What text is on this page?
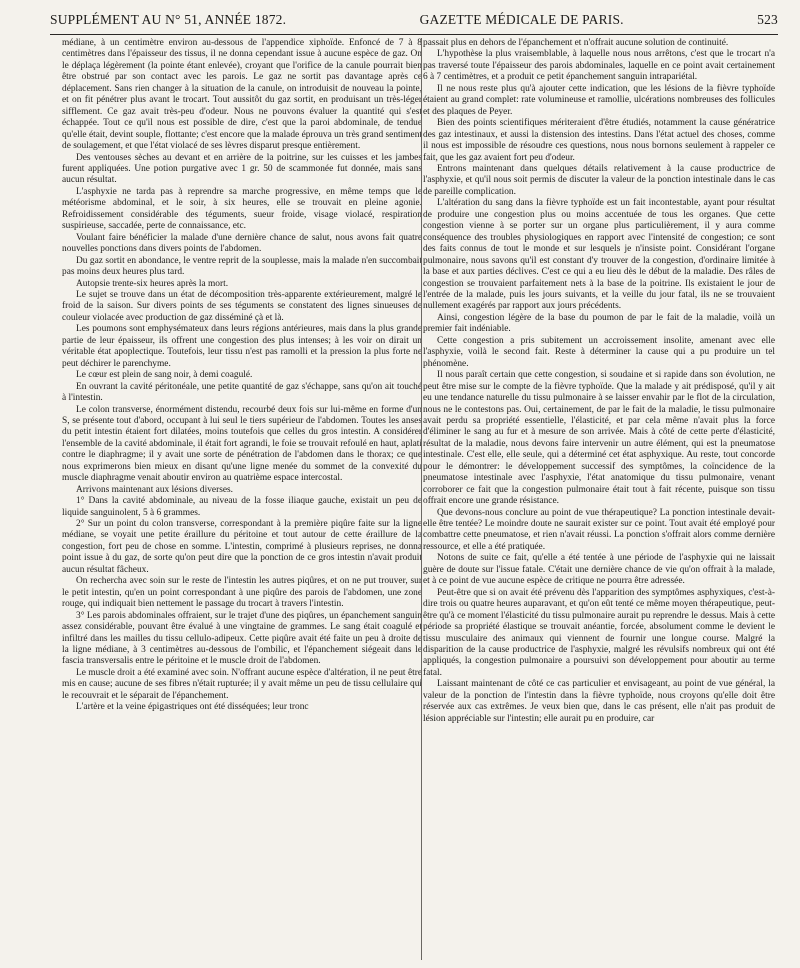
SUPPLÉMENT AU N° 51, ANNÉE 1872.	GAZETTE MÉDICALE DE PARIS.	523

médiane, à un centimètre environ au-dessous de l'appendice xiphoïde. Enfoncé de 7 à 8 centimètres dans l'épaisseur des tissus, il ne donna cependant issue à aucune espèce de gaz. On le déplaça légèrement (la pointe étant enlevée), croyant que l'orifice de la canule pourrait bien être obstrué par son contact avec les parois. Le gaz ne sortit pas davantage après ce déplacement. Sans rien changer à la situation de la canule, on introduisit de nouveau la pointe, et on fit pénétrer plus avant le trocart. Tout aussitôt du gaz sortit, en produisant un très-léger sifflement. Ce gaz avait très-peu d'odeur. Nous ne pouvons évaluer la quantité qui s'est échappée. Tout ce qu'il nous est possible de dire, c'est que la paroi abdominale, de tendue qu'elle était, devint souple, flottante; c'est encore que la malade éprouva un très grand sentiment de soulagement, et que l'état violacé de ses lèvres disparut presque entièrement.

Des ventouses sèches au devant et en arrière de la poitrine, sur les cuisses et les jambes furent appliquées. Une potion purgative avec 1 gr. 50 de scammonée fut donnée, mais sans aucun résultat.

L'asphyxie ne tarda pas à reprendre sa marche progressive, en même temps que le météorisme abdominal, et le soir, à six heures, elle se trouvait en pleine agonie. Refroidissement considérable des téguments, sueur froide, visage violacé, respiration suspirieuse, saccadée, perte de connaissance, etc.

Voulant faire bénéficier la malade d'une dernière chance de salut, nous avons fait quatre nouvelles ponctions dans divers points de l'abdomen.

Du gaz sortit en abondance, le ventre reprit de la souplesse, mais la malade n'en succombait pas moins deux heures plus tard.

Autopsie trente-six heures après la mort.

Le sujet se trouve dans un état de décomposition très-apparente extérieurement, malgré le froid de la saison. Sur divers points de ses téguments se constatent des lignes sinueuses de couleur violacée avec production de gaz disséminé çà et là.

Les poumons sont emphysémateux dans leurs régions antérieures, mais dans la plus grande partie de leur épaisseur, ils offrent une congestion des plus intenses; à les voir on dirait un véritable état apoplectique. Toutefois, leur tissu n'est pas ramolli et la pression la plus forte ne peut déchirer le parenchyme.

Le cœur est plein de sang noir, à demi coagulé.

En ouvrant la cavité péritonéale, une petite quantité de gaz s'échappe, sans qu'on ait touché à l'intestin.

Le colon transverse, énormément distendu, recourbé deux fois sur lui-même en forme d'un S, se présente tout d'abord, occupant à lui seul le tiers supérieur de l'abdomen. Toutes les anses du petit intestin étaient fort dilatées, moins toutefois que celles du gros intestin. A considérer l'ensemble de la cavité abdominale, il était fort agrandi, le foie se trouvait refoulé en haut, aplati contre le diaphragme; il y avait une sorte de pénétration de l'abdomen dans le thorax; ce que nous exprimerons bien mieux en disant qu'une ligne menée du sommet de la convexité du muscle diaphragme venait aboutir environ au quatrième espace intercostal.

Arrivons maintenant aux lésions diverses.

1° Dans la cavité abdominale, au niveau de la fosse iliaque gauche, existait un peu de liquide sanguinolent, 5 à 6 grammes.

2° Sur un point du colon transverse, correspondant à la première piqûre faite sur la ligne médiane, se voyait une petite éraillure du péritoine et tout autour de cette éraillure de la congestion, fort peu de chose en somme. L'intestin, comprimé à plusieurs reprises, ne donna point issue à du gaz, de sorte qu'on peut dire que la ponction de ce gros intestin n'avait produit aucun résultat fâcheux.

On rechercha avec soin sur le reste de l'intestin les autres piqûres, et on ne put trouver, sur le petit intestin, qu'en un point correspondant à une piqûre des parois de l'abdomen, une zone rouge, qui indiquait bien nettement le passage du trocart à travers l'intestin.

3° Les parois abdominales offraient, sur le trajet d'une des piqûres, un épanchement sanguin assez considérable, pouvant être évalué à une vingtaine de grammes. Le sang était coagulé et infiltré dans les mailles du tissu cellulo-adipeux. Cette piqûre avait été faite un peu à droite de la ligne médiane, à 3 centimètres au-dessous de l'ombilic, et l'épanchement siégeait dans le fascia transversalis entre le péritoine et le muscle droit de l'abdomen.

Le muscle droit a été examiné avec soin. N'offrant aucune espèce d'altération, il ne peut être mis en cause; aucune de ses fibres n'était rupturée; il y avait même un peu de tissu cellulaire qui le recouvrait et le séparait de l'épanchement.

L'artère et la veine épigastriques ont été disséquées; leur tronc

passait plus en dehors de l'épanchement et n'offrait aucune solution de continuité.

L'hypothèse la plus vraisemblable, à laquelle nous nous arrêtons, c'est que le trocart n'a pas traversé toute l'épaisseur des parois abdominales, laquelle en ce point avait certainement 6 à 7 centimètres, et a produit ce petit épanchement sanguin intrapariétal.

Il ne nous reste plus qu'à ajouter cette indication, que les lésions de la fièvre typhoïde étaient au grand complet: rate volumineuse et ramollie, ulcérations nombreuses des follicules et des plaques de Peyer.

Bien des points scientifiques mériteraient d'être étudiés, notamment la cause génératrice des gaz intestinaux, et aussi la distension des intestins. Dans l'état actuel des choses, comme il nous est impossible de résoudre ces questions, nous nous bornons seulement à rappeler ce fait, que les gaz avaient fort peu d'odeur.

Entrons maintenant dans quelques détails relativement à la cause productrice de l'asphyxie, et qu'il nous soit permis de discuter la valeur de la ponction intestinale dans le cas de pareille complication.

L'altération du sang dans la fièvre typhoïde est un fait incontestable, ayant pour résultat de produire une congestion plus ou moins accentuée de tous les organes. Que cette congestion vienne à se porter sur un organe plus particulièrement, il y aura comme conséquence des troubles physiologiques en rapport avec l'intensité de congestion; ce sont des faits connus de tout le monde et sur lesquels je n'insiste point. Considérant l'organe pulmonaire, nous savons qu'il est constant d'y trouver de la congestion, d'ordinaire limitée à la base et aux parties déclives. C'est ce qui a eu lieu dès le début de la maladie. Des râles de congestion se trouvaient parfaitement nets à la base de la poitrine. Ils existaient le jour de l'entrée de la malade, puis les jours suivants, et la veille du jour fatal, ils ne se trouvaient nullement exagérés par rapport aux jours précédents.

Ainsi, congestion légère de la base du poumon de par le fait de la maladie, voilà un premier fait indéniable.

Cette congestion a pris subitement un accroissement insolite, amenant avec elle l'asphyxie, voilà le second fait. Reste à déterminer la cause qui a pu produire un tel phénomène.

Il nous paraît certain que cette congestion, si soudaine et si rapide dans son évolution, ne peut être mise sur le compte de la fièvre typhoïde. Que la malade y ait prédisposé, qu'il y ait eu une tendance naturelle du tissu pulmonaire à se laisser envahir par le flot de la circulation, nous ne le contestons pas. Oui, certainement, de par le fait de la maladie, le tissu pulmonaire avait perdu sa propriété essentielle, l'élasticité, et par cela même n'avait plus la force d'éliminer le sang au fur et à mesure de son arrivée. Mais à côté de cette perte d'élasticité, résultat de la maladie, nous devons faire intervenir un autre élément, qui est la pneumatose intestinale. C'est elle, elle seule, qui a déterminé cet état asphyxique. Au reste, tout concorde pour le démontrer: le développement successif des symptômes, la coïncidence de la pneumatose intestinale avec l'asphyxie, l'état anatomique du tissu pulmonaire, venant corroborer ce fait que la congestion pulmonaire était tout à fait récente, puisque son tissu offrait encore une grande résistance.

Que devons-nous conclure au point de vue thérapeutique? La ponction intestinale devait-elle être tentée? Le moindre doute ne saurait exister sur ce point. Tout avait été employé pour combattre cette pneumatose, et rien n'avait réussi. La ponction s'offrait alors comme dernière ressource, et elle a été pratiquée.

Notons de suite ce fait, qu'elle a été tentée à une période de l'asphyxie qui ne laissait guère de doute sur l'issue fatale. C'était une dernière chance de vie qu'on offrait à la malade, et à ce point de vue aucune espèce de critique ne pourra être adressée.

Peut-être que si on avait été prévenu dès l'apparition des symptômes asphyxiques, c'est-à-dire trois ou quatre heures auparavant, et qu'on eût tenté ce même moyen thérapeutique, peut-être qu'à ce moment l'élasticité du tissu pulmonaire aurait pu reprendre le dessus. Mais à cette période sa propriété élastique se trouvait anéantie, forcée, absolument comme le devient le tissu musculaire des animaux qui viennent de fournir une longue course. Malgré la disparition de la cause productrice de l'asphyxie, malgré les révulsifs nombreux qui ont été appliqués, la congestion pulmonaire a poursuivi son développement pour aboutir au terme fatal.

Laissant maintenant de côté ce cas particulier et envisageant, au point de vue général, la valeur de la ponction de l'intestin dans la fièvre typhoïde, nous croyons qu'elle doit être réservée aux cas extrêmes. Je veux bien que, dans le cas présent, elle n'ait pas produit de lésion appréciable sur l'intestin; elle aurait pu en produire, car
